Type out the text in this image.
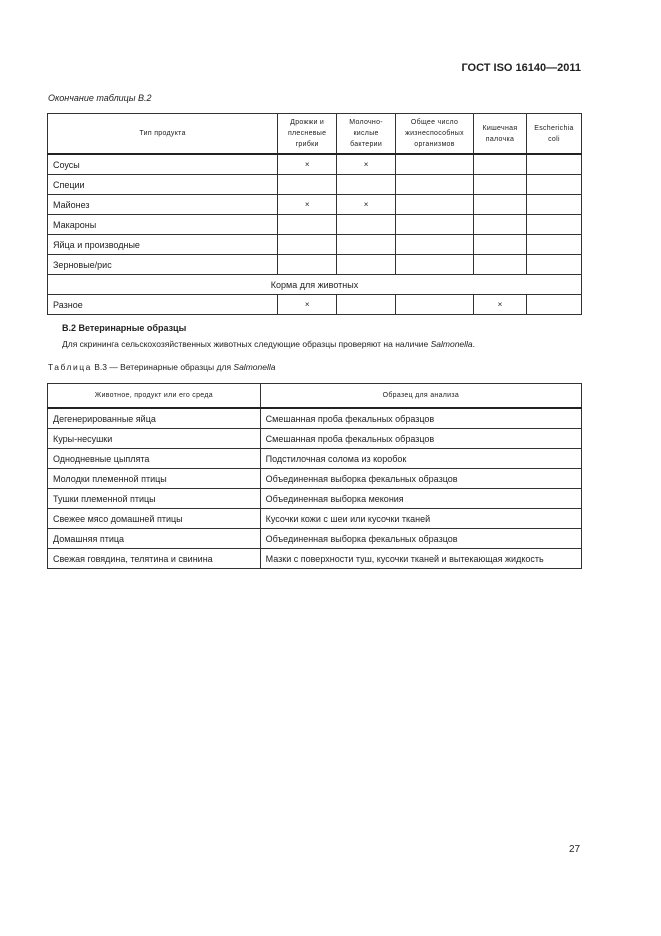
ГОСТ ISO 16140—2011
Окончание таблицы В.2
Тип продукта	Дрожжи и плесневые грибки	Молочно-кислые бактерии	Общее число жизнеспособных организмов	Кишечная палочка	Escherichia coli
Соусы	×	×			
Специи					
Майонез	×	×			
Макароны					
Яйца и производные					
Зерновые/рис					
Корма для животных					
Разное	×			×	
В.2 Ветеринарные образцы
Для скрининга сельскохозяйственных животных следующие образцы проверяют на наличие Salmonella.
Таблица В.3 — Ветеринарные образцы для Salmonella
Животное, продукт или его среда	Образец для анализа
Дегенерированные яйца	Смешанная проба фекальных образцов
Куры-несушки	Смешанная проба фекальных образцов
Однодневные цыплята	Подстилочная солома из коробок
Молодки племенной птицы	Объединенная выборка фекальных образцов
Тушки племенной птицы	Объединенная выборка мекония
Свежее мясо домашней птицы	Кусочки кожи с шеи или кусочки тканей
Домашняя птица	Объединенная выборка фекальных образцов
Свежая говядина, телятина и свинина	Мазки с поверхности туш, кусочки тканей и вытекающая жидкость
27
